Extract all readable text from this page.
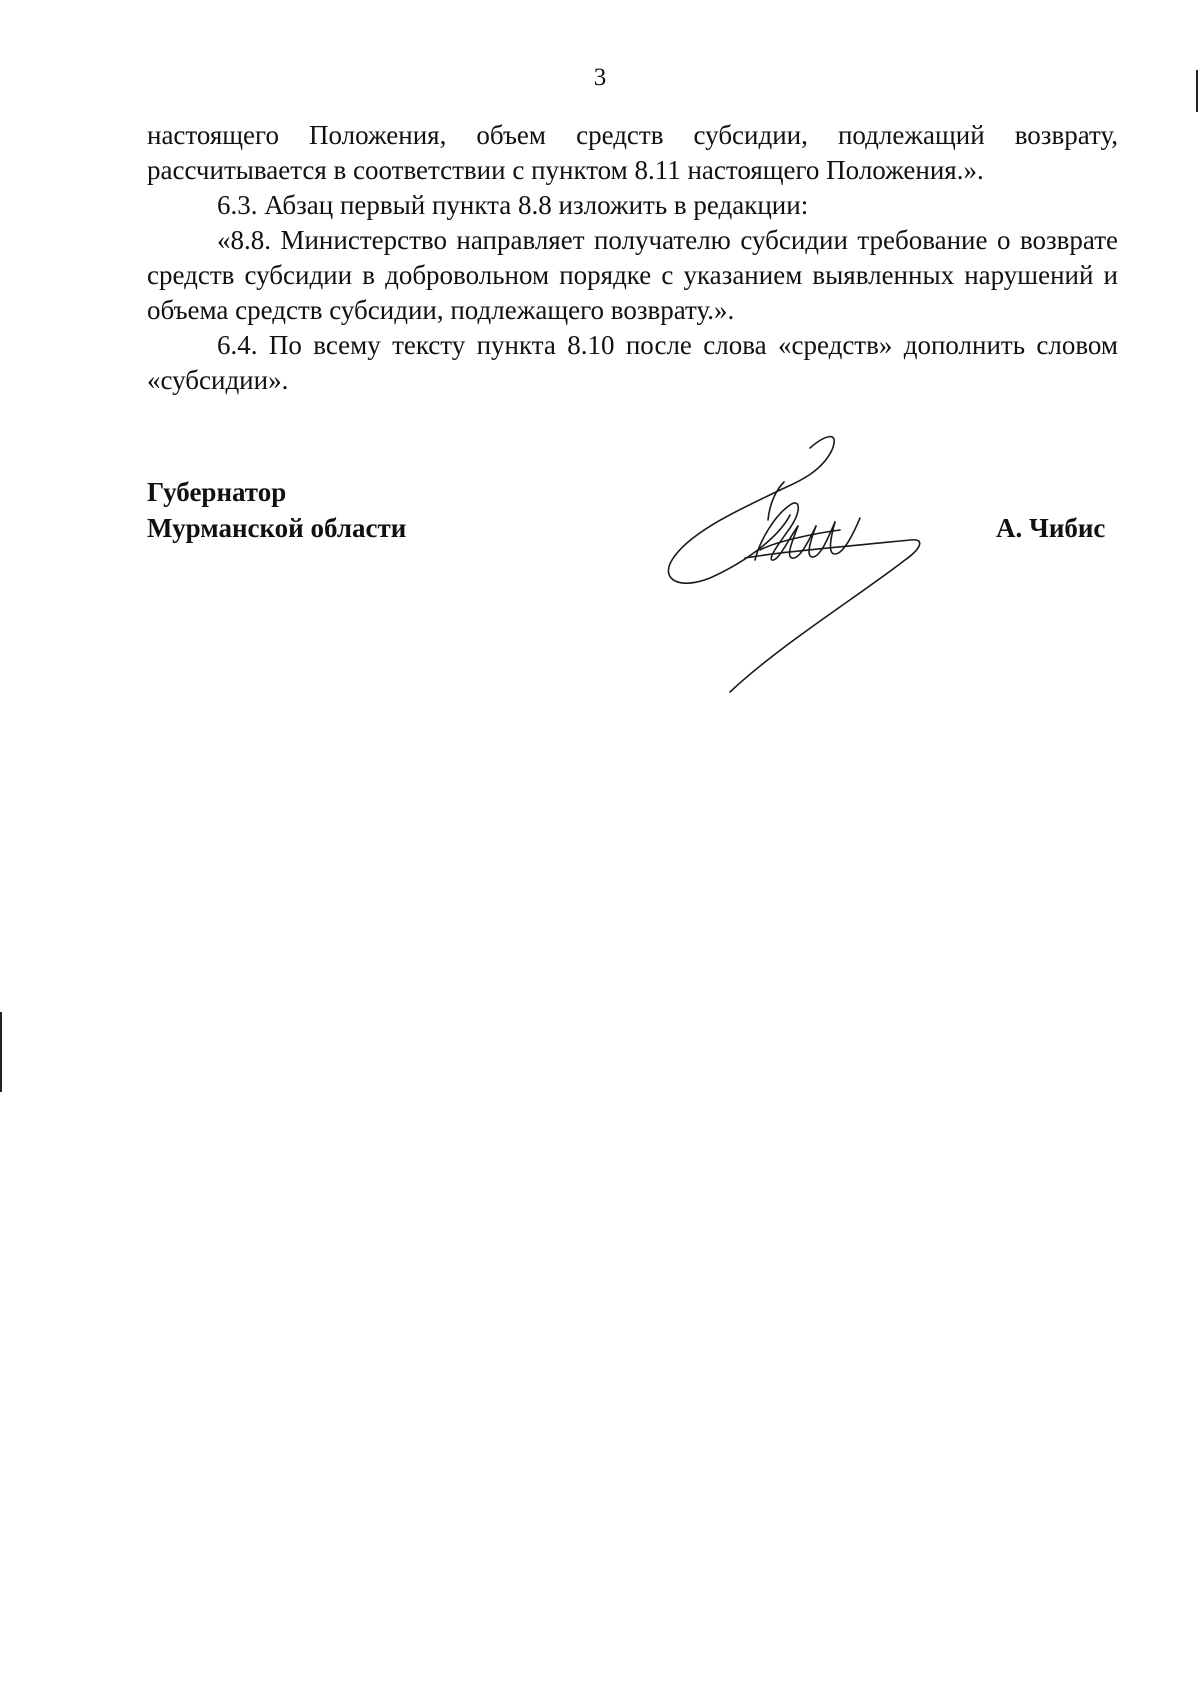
3

настоящего Положения, объем средств субсидии, подлежащий возврату, рассчитывается в соответствии с пунктом 8.11 настоящего Положения.».

6.3. Абзац первый пункта 8.8 изложить в редакции:

«8.8. Министерство направляет получателю субсидии требование о возврате средств субсидии в добровольном порядке с указанием выявленных нарушений и объема средств субсидии, подлежащего возврату.».

6.4. По всему тексту пункта 8.10 после слова «средств» дополнить словом «субсидии».

Губернатор
Мурманской области	А. Чибис
